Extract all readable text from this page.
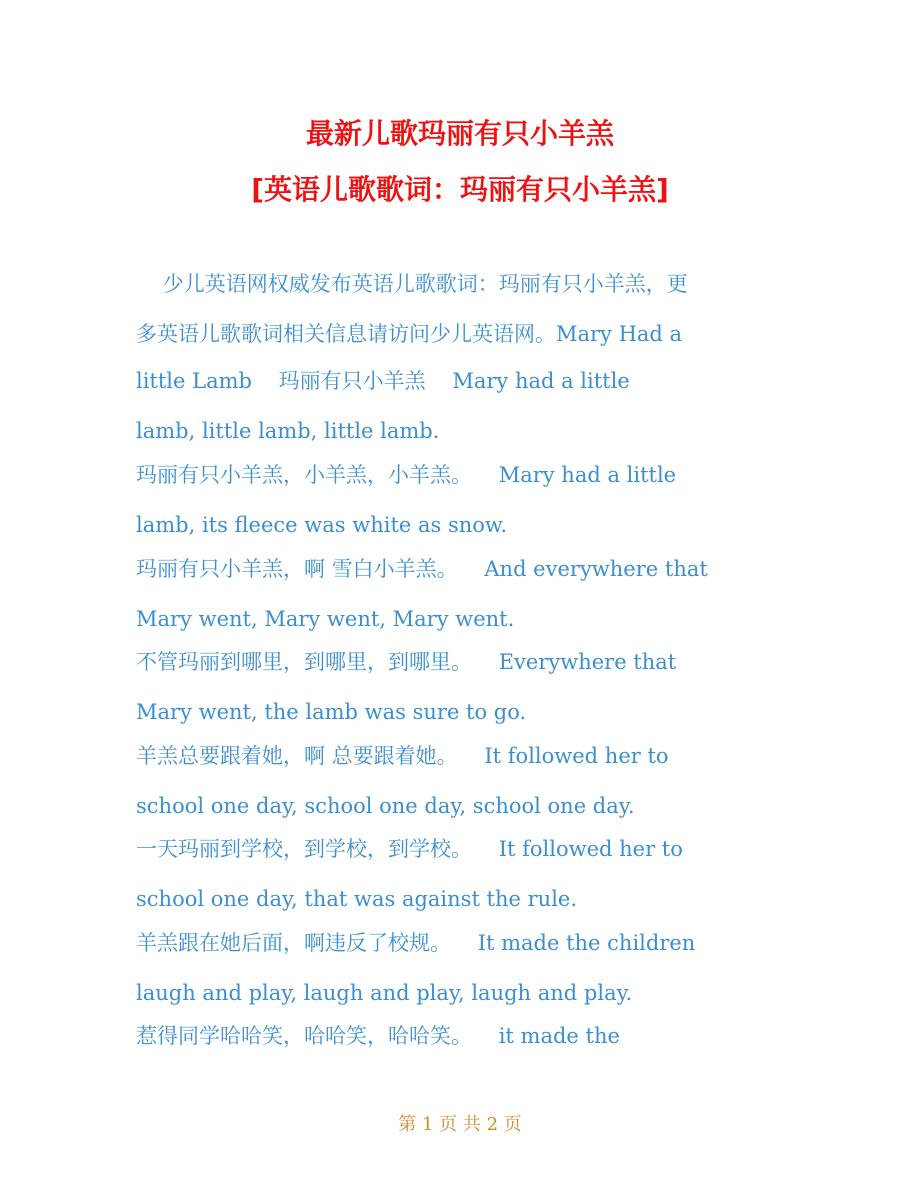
最新儿歌玛丽有只小羊羔
[英语儿歌歌词：玛丽有只小羊羔]
少儿英语网权威发布英语儿歌歌词：玛丽有只小羊羔，更
多英语儿歌歌词相关信息请访问少儿英语网。Mary Had a
little Lamb    玛丽有只小羊羔    Mary had a little
lamb, little lamb, little lamb.
玛丽有只小羊羔，小羊羔，小羊羔。    Mary had a little
lamb, its fleece was white as snow.
玛丽有只小羊羔，啊 雪白小羊羔。    And everywhere that
Mary went, Mary went, Mary went.
不管玛丽到哪里，到哪里，到哪里。    Everywhere that
Mary went, the lamb was sure to go.
羊羔总要跟着她，啊 总要跟着她。    It followed her to
school one day, school one day, school one day.
一天玛丽到学校，到学校，到学校。    It followed her to
school one day, that was against the rule.
羊羔跟在她后面，啊违反了校规。    It made the children
laugh and play, laugh and play, laugh and play.
惹得同学哈哈笑，哈哈笑，哈哈笑。    it made the
第 1 页 共 2 页
